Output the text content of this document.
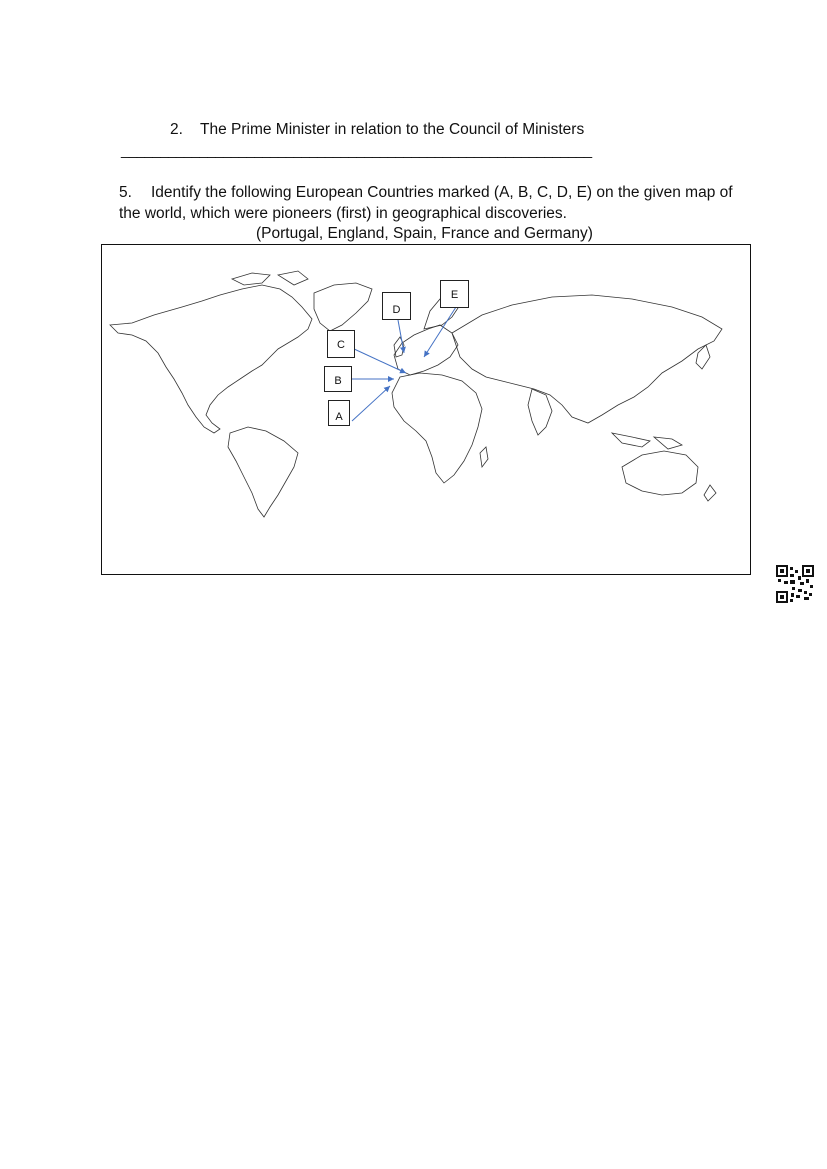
2. The Prime Minister in relation to the Council of Ministers
____________________________________________________________
5. Identify the following European Countries marked (A, B, C, D, E) on the given map of the world, which were pioneers (first) in geographical discoveries.
(Portugal, England, Spain, France and Germany)
A
B
C
D
E
